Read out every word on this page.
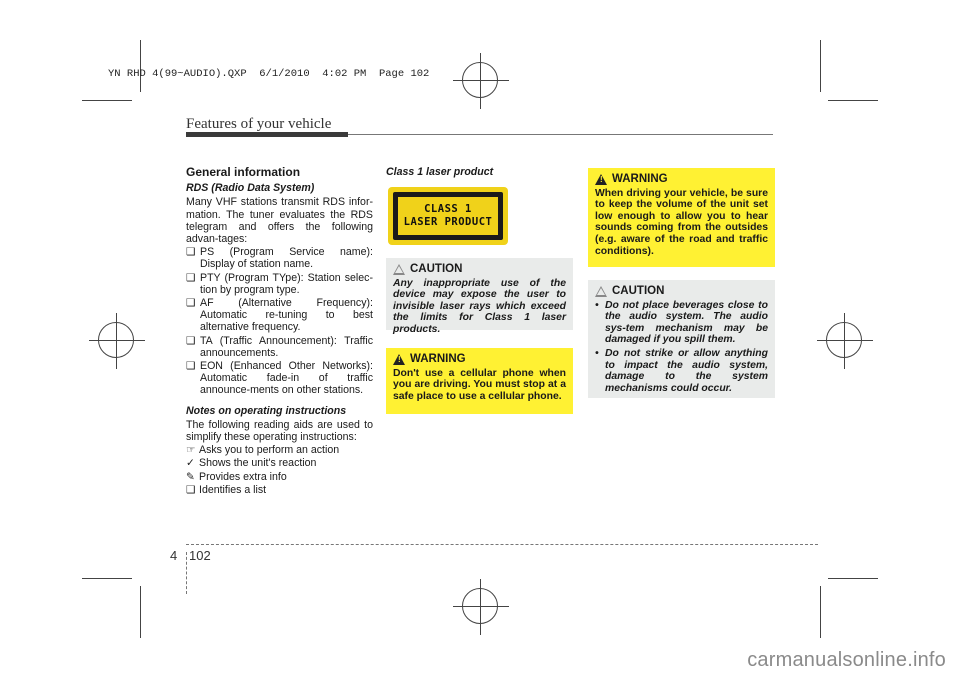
YN RHD 4(99~AUDIO).QXP  6/1/2010  4:02 PM  Page 102
Features of your vehicle
General information
RDS (Radio Data System)
Many VHF stations transmit RDS infor-mation. The tuner evaluates the RDS telegram and offers the following advan-tages:
❑ PS (Program Service name): Display of station name.
❑ PTY (Program TYpe): Station selec-tion by program type.
❑ AF (Alternative Frequency): Automatic re-tuning to best alternative frequency.
❑ TA (Traffic Announcement): Traffic announcements.
❑ EON (Enhanced Other Networks): Automatic fade-in of traffic announce-ments on other stations.
Notes on operating instructions
The following reading aids are used to simplify these operating instructions:
☞ Asks you to perform an action
✓ Shows the unit's reaction
✎ Provides extra info
❑ Identifies a list
Class 1 laser product
CLASS 1
LASER PRODUCT
CAUTION
Any inappropriate use of the device may expose the user to invisible laser rays which exceed the limits for Class 1 laser products.
! WARNING
Don't use a cellular phone when you are driving. You must stop at a safe place to use a cellular phone.
! WARNING
When driving your vehicle, be sure to keep the volume of the unit set low enough to allow you to hear sounds coming from the outsides (e.g. aware of the road and traffic conditions).
CAUTION
• Do not place beverages close to the audio system. The audio sys-tem mechanism may be damaged if you spill them.
• Do not strike or allow anything to impact the audio system, damage to the system mechanisms could occur.
4 102
carmanualsonline.info
